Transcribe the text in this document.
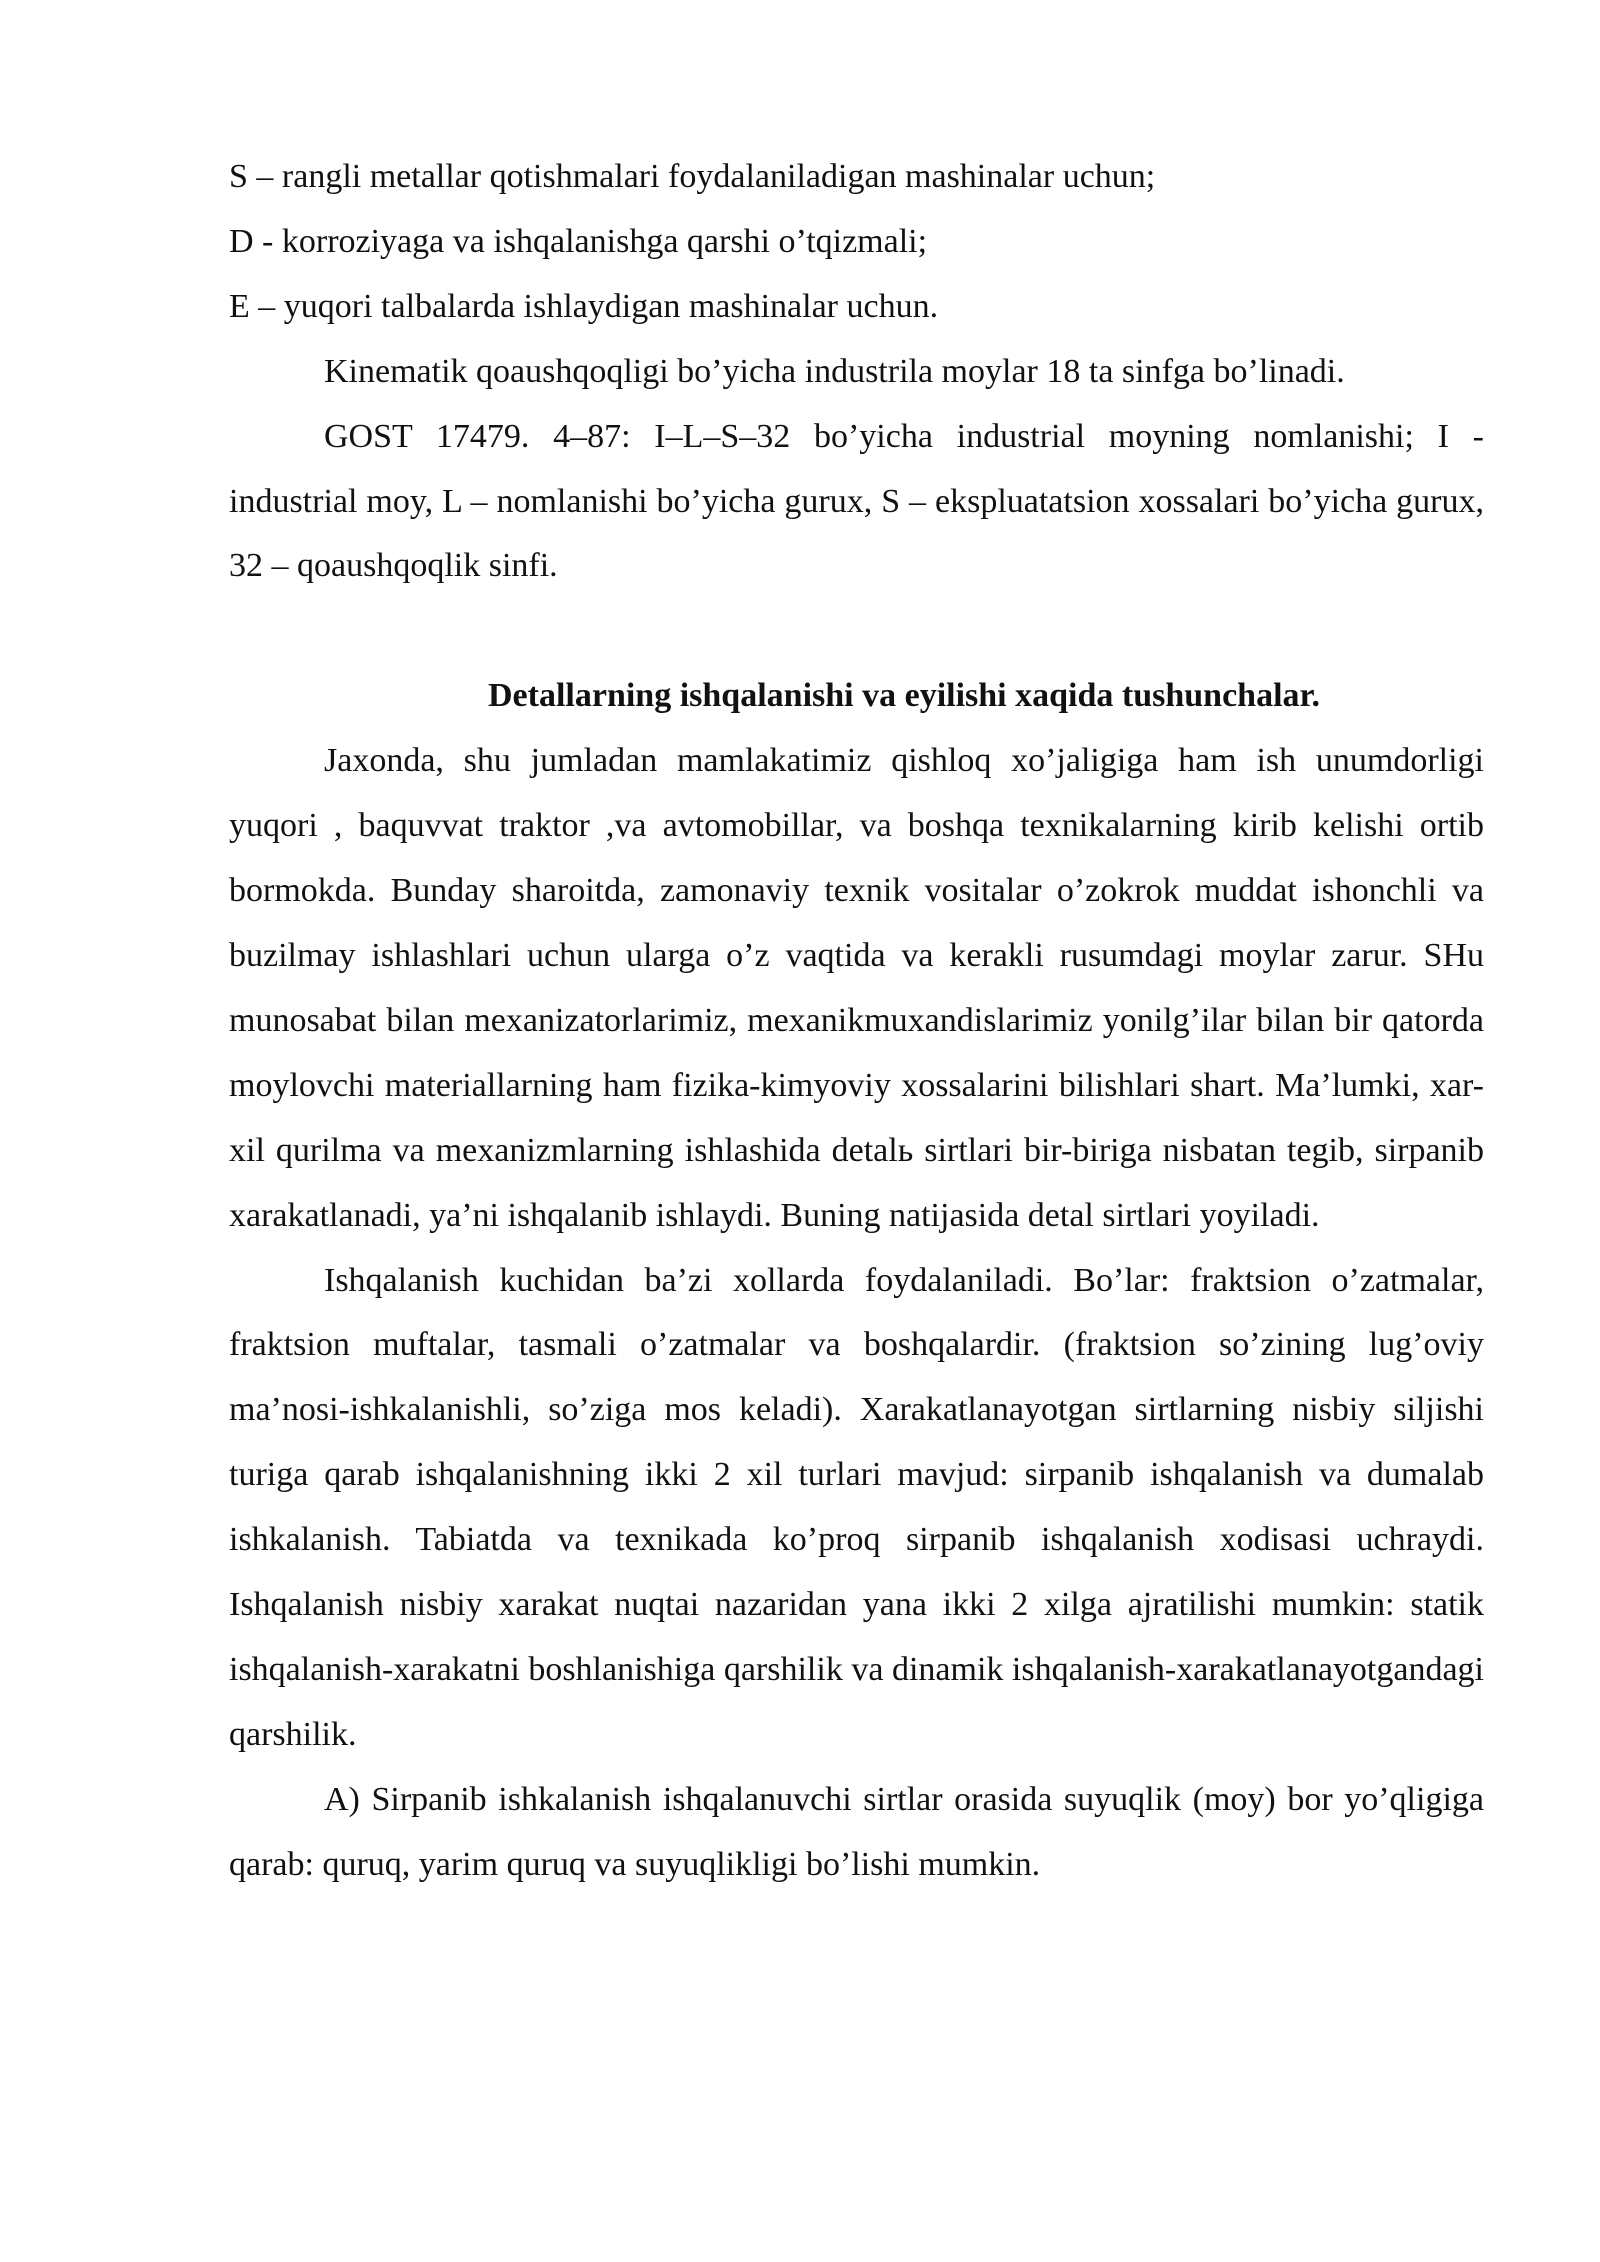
S – rangli metallar qotishmalari foydalaniladigan mashinalar uchun;

D - korroziyaga va ishqalanishga qarshi o’tqizmali;

E – yuqori talbalarda ishlaydigan mashinalar uchun.

Kinematik qoaushqoqligi bo’yicha industrila moylar 18 ta sinfga bo’linadi.

GOST 17479. 4–87: I–L–S–32 bo’yicha industrial moyning nomlanishi; I - industrial moy, L – nomlanishi bo’yicha gurux, S – ekspluatatsion xossalari bo’yicha gurux, 32 – qoaushqoqlik sinfi.

Detallarning ishqalanishi va eyilishi xaqida tushunchalar.

Jaxonda, shu jumladan mamlakatimiz qishloq xo’jaligiga ham ish unumdorligi yuqori , baquvvat traktor ,va avtomobillar, va boshqa texnikalarning kirib kelishi ortib bormokda. Bunday sharoitda, zamonaviy texnik vositalar o’zokrok muddat ishonchli va buzilmay ishlashlari uchun ularga o’z vaqtida va kerakli rusumdagi moylar zarur. SHu munosabat bilan mexanizatorlarimiz, mexanikmuxandislarimiz yonilg’ilar bilan bir qatorda moylovchi materiallarning ham fizika-kimyoviy xossalarini bilishlari shart. Ma’lumki, xar-xil qurilma va mexanizmlarning ishlashida detalь sirtlari bir-biriga nisbatan tegib, sirpanib xarakatlanadi, ya’ni ishqalanib ishlaydi. Buning natijasida detal sirtlari yoyiladi.

Ishqalanish kuchidan ba’zi xollarda foydalaniladi. Bo’lar: fraktsion o’zatmalar, fraktsion muftalar, tasmali o’zatmalar va boshqalardir. (fraktsion so’zining lug’oviy ma’nosi-ishkalanishli, so’ziga mos keladi). Xarakatlanayotgan sirtlarning nisbiy siljishi turiga qarab ishqalanishning ikki 2 xil turlari mavjud: sirpanib ishqalanish va dumalab ishkalanish. Tabiatda va texnikada ko’proq sirpanib ishqalanish xodisasi uchraydi. Ishqalanish nisbiy xarakat nuqtai nazaridan yana ikki 2 xilga ajratilishi mumkin: statik ishqalanish-xarakatni boshlanishiga qarshilik va dinamik ishqalanish-xarakatlanayotgandagi qarshilik.

A) Sirpanib ishkalanish ishqalanuvchi sirtlar orasida suyuqlik (moy) bor yo’qligiga qarab: quruq, yarim quruq va suyuqlikligi bo’lishi mumkin.
